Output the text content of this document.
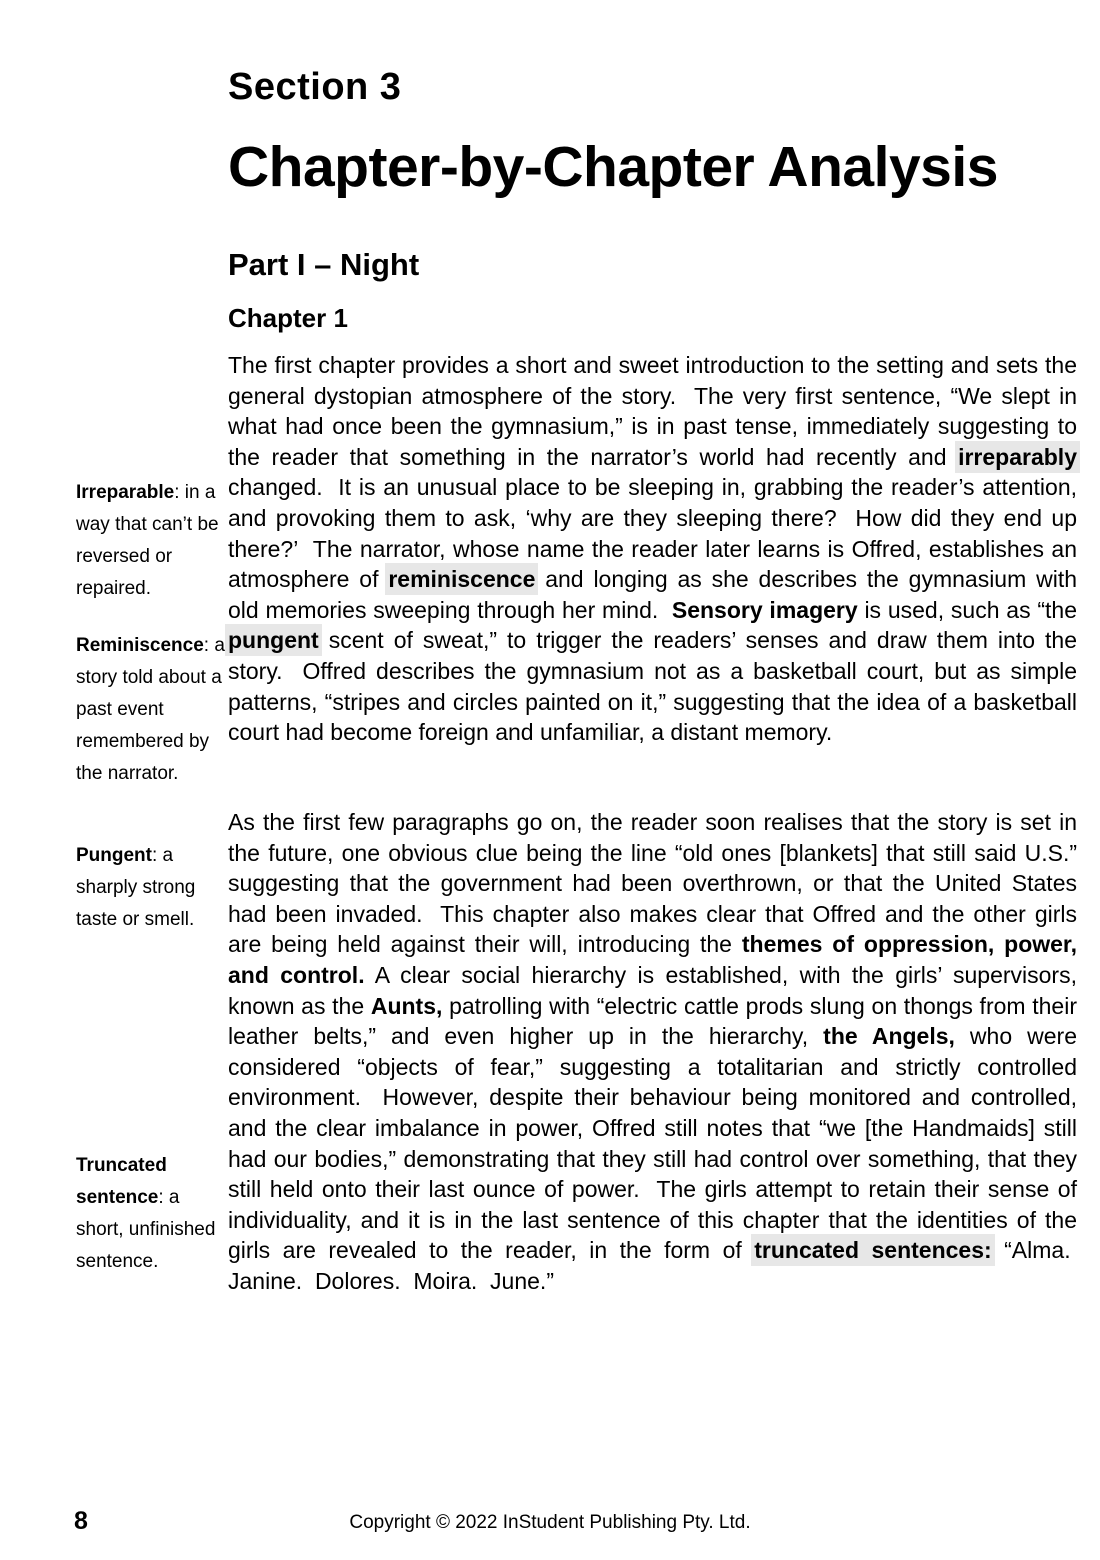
Irreparable: in a way that can’t be reversed or repaired.
Reminiscence: a story told about a past event remembered by the narrator.
Pungent: a sharply strong taste or smell.
Truncated sentence: a short, unfinished sentence.
Section 3
Chapter-by-Chapter Analysis
Part I – Night
Chapter 1

The first chapter provides a short and sweet introduction to the setting and sets the general dystopian atmosphere of the story.  The very first sentence, “We slept in what had once been the gymnasium,” is in past tense, immediately suggesting to the reader that something in the narrator’s world had recently and irreparably changed.  It is an unusual place to be sleeping in, grabbing the reader’s attention, and provoking them to ask, ‘why are they sleeping there?  How did they end up there?’  The narrator, whose name the reader later learns is Offred, establishes an atmosphere of reminiscence and longing as she describes the gymnasium with old memories sweeping through her mind.  Sensory imagery is used, such as “the pungent scent of sweat,” to trigger the readers’ senses and draw them into the story.  Offred describes the gymnasium not as a basketball court, but as simple patterns, “stripes and circles painted on it,” suggesting that the idea of a basketball court had become foreign and unfamiliar, a distant memory.

As the first few paragraphs go on, the reader soon realises that the story is set in the future, one obvious clue being the line “old ones [blankets] that still said U.S.” suggesting that the government had been overthrown, or that the United States had been invaded.  This chapter also makes clear that Offred and the other girls are being held against their will, introducing the themes of oppression, power, and control. A clear social hierarchy is established, with the girls’ supervisors, known as the Aunts, patrolling with “electric cattle prods slung on thongs from their leather belts,” and even higher up in the hierarchy, the Angels, who were considered “objects of fear,” suggesting a totalitarian and strictly controlled environment.  However, despite their behaviour being monitored and controlled, and the clear imbalance in power, Offred still notes that “we [the Handmaids] still had our bodies,” demonstrating that they still had control over something, that they still held onto their last ounce of power.  The girls attempt to retain their sense of individuality, and it is in the last sentence of this chapter that the identities of the girls are revealed to the reader, in the form of truncated sentences: “Alma.  Janine.  Dolores.  Moira.  June.”

8	Copyright © 2022 InStudent Publishing Pty. Ltd.
